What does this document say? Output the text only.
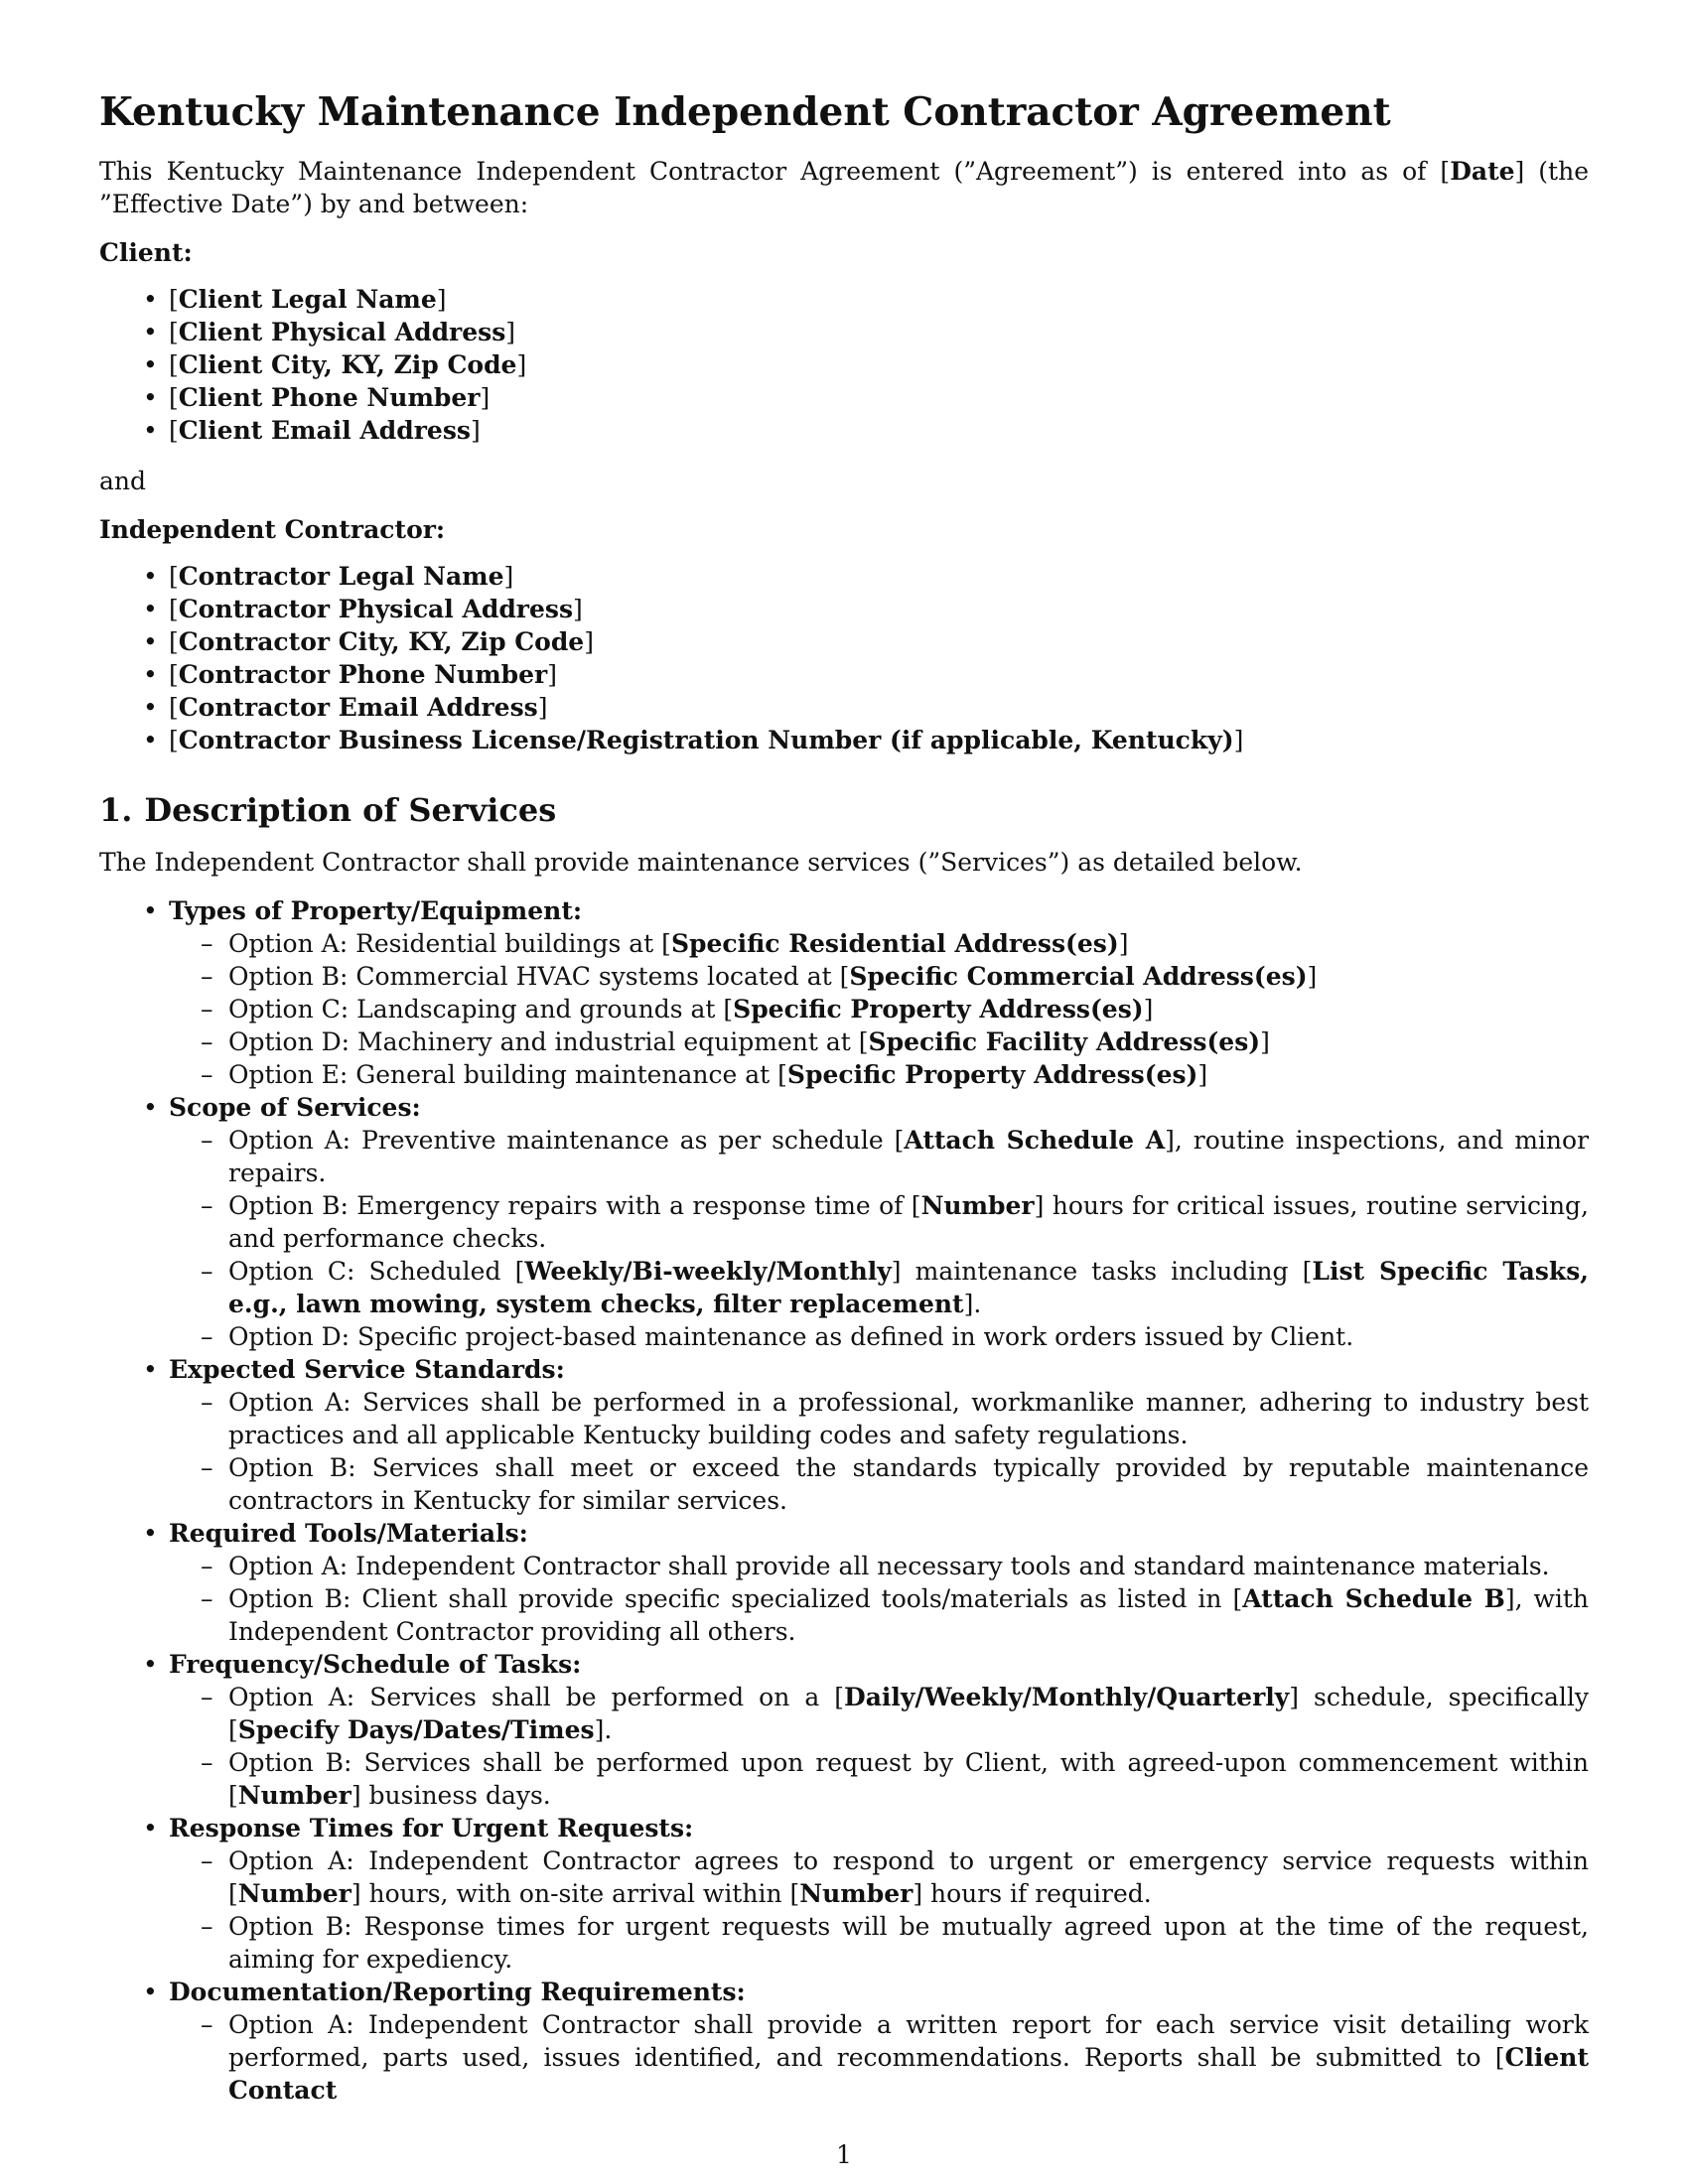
Kentucky Maintenance Independent Contractor Agreement

This Kentucky Maintenance Independent Contractor Agreement (”Agreement”) is entered into as of [Date] (the ”Effective Date”) by and between:

Client:
• [Client Legal Name]
• [Client Physical Address]
• [Client City, KY, Zip Code]
• [Client Phone Number]
• [Client Email Address]

and

Independent Contractor:
• [Contractor Legal Name]
• [Contractor Physical Address]
• [Contractor City, KY, Zip Code]
• [Contractor Phone Number]
• [Contractor Email Address]
• [Contractor Business License/Registration Number (if applicable, Kentucky)]
1. Description of Services

The Independent Contractor shall provide maintenance services (”Services”) as detailed below.

• Types of Property/Equipment:
– Option A: Residential buildings at [Specific Residential Address(es)]
– Option B: Commercial HVAC systems located at [Specific Commercial Address(es)]
– Option C: Landscaping and grounds at [Specific Property Address(es)]
– Option D: Machinery and industrial equipment at [Specific Facility Address(es)]
– Option E: General building maintenance at [Specific Property Address(es)]
• Scope of Services:
– Option A: Preventive maintenance as per schedule [Attach Schedule A], routine inspections, and minor repairs.
– Option B: Emergency repairs with a response time of [Number] hours for critical issues, routine servicing, and performance checks.
– Option C: Scheduled [Weekly/Bi-weekly/Monthly] maintenance tasks including [List Specific Tasks, e.g., lawn mowing, system checks, filter replacement].
– Option D: Specific project-based maintenance as defined in work orders issued by Client.
• Expected Service Standards:
– Option A: Services shall be performed in a professional, workmanlike manner, adhering to industry best practices and all applicable Kentucky building codes and safety regulations.
– Option B: Services shall meet or exceed the standards typically provided by reputable maintenance contractors in Kentucky for similar services.
• Required Tools/Materials:
– Option A: Independent Contractor shall provide all necessary tools and standard maintenance materials.
– Option B: Client shall provide specific specialized tools/materials as listed in [Attach Schedule B], with Independent Contractor providing all others.
• Frequency/Schedule of Tasks:
– Option A: Services shall be performed on a [Daily/Weekly/Monthly/Quarterly] schedule, specifically [Specify Days/Dates/Times].
– Option B: Services shall be performed upon request by Client, with agreed-upon commencement within [Number] business days.
• Response Times for Urgent Requests:
– Option A: Independent Contractor agrees to respond to urgent or emergency service requests within [Number] hours, with on-site arrival within [Number] hours if required.
– Option B: Response times for urgent requests will be mutually agreed upon at the time of the request, aiming for expediency.
• Documentation/Reporting Requirements:
– Option A: Independent Contractor shall provide a written report for each service visit detailing work performed, parts used, issues identified, and recommendations. Reports shall be submitted to [Client Contact
1
